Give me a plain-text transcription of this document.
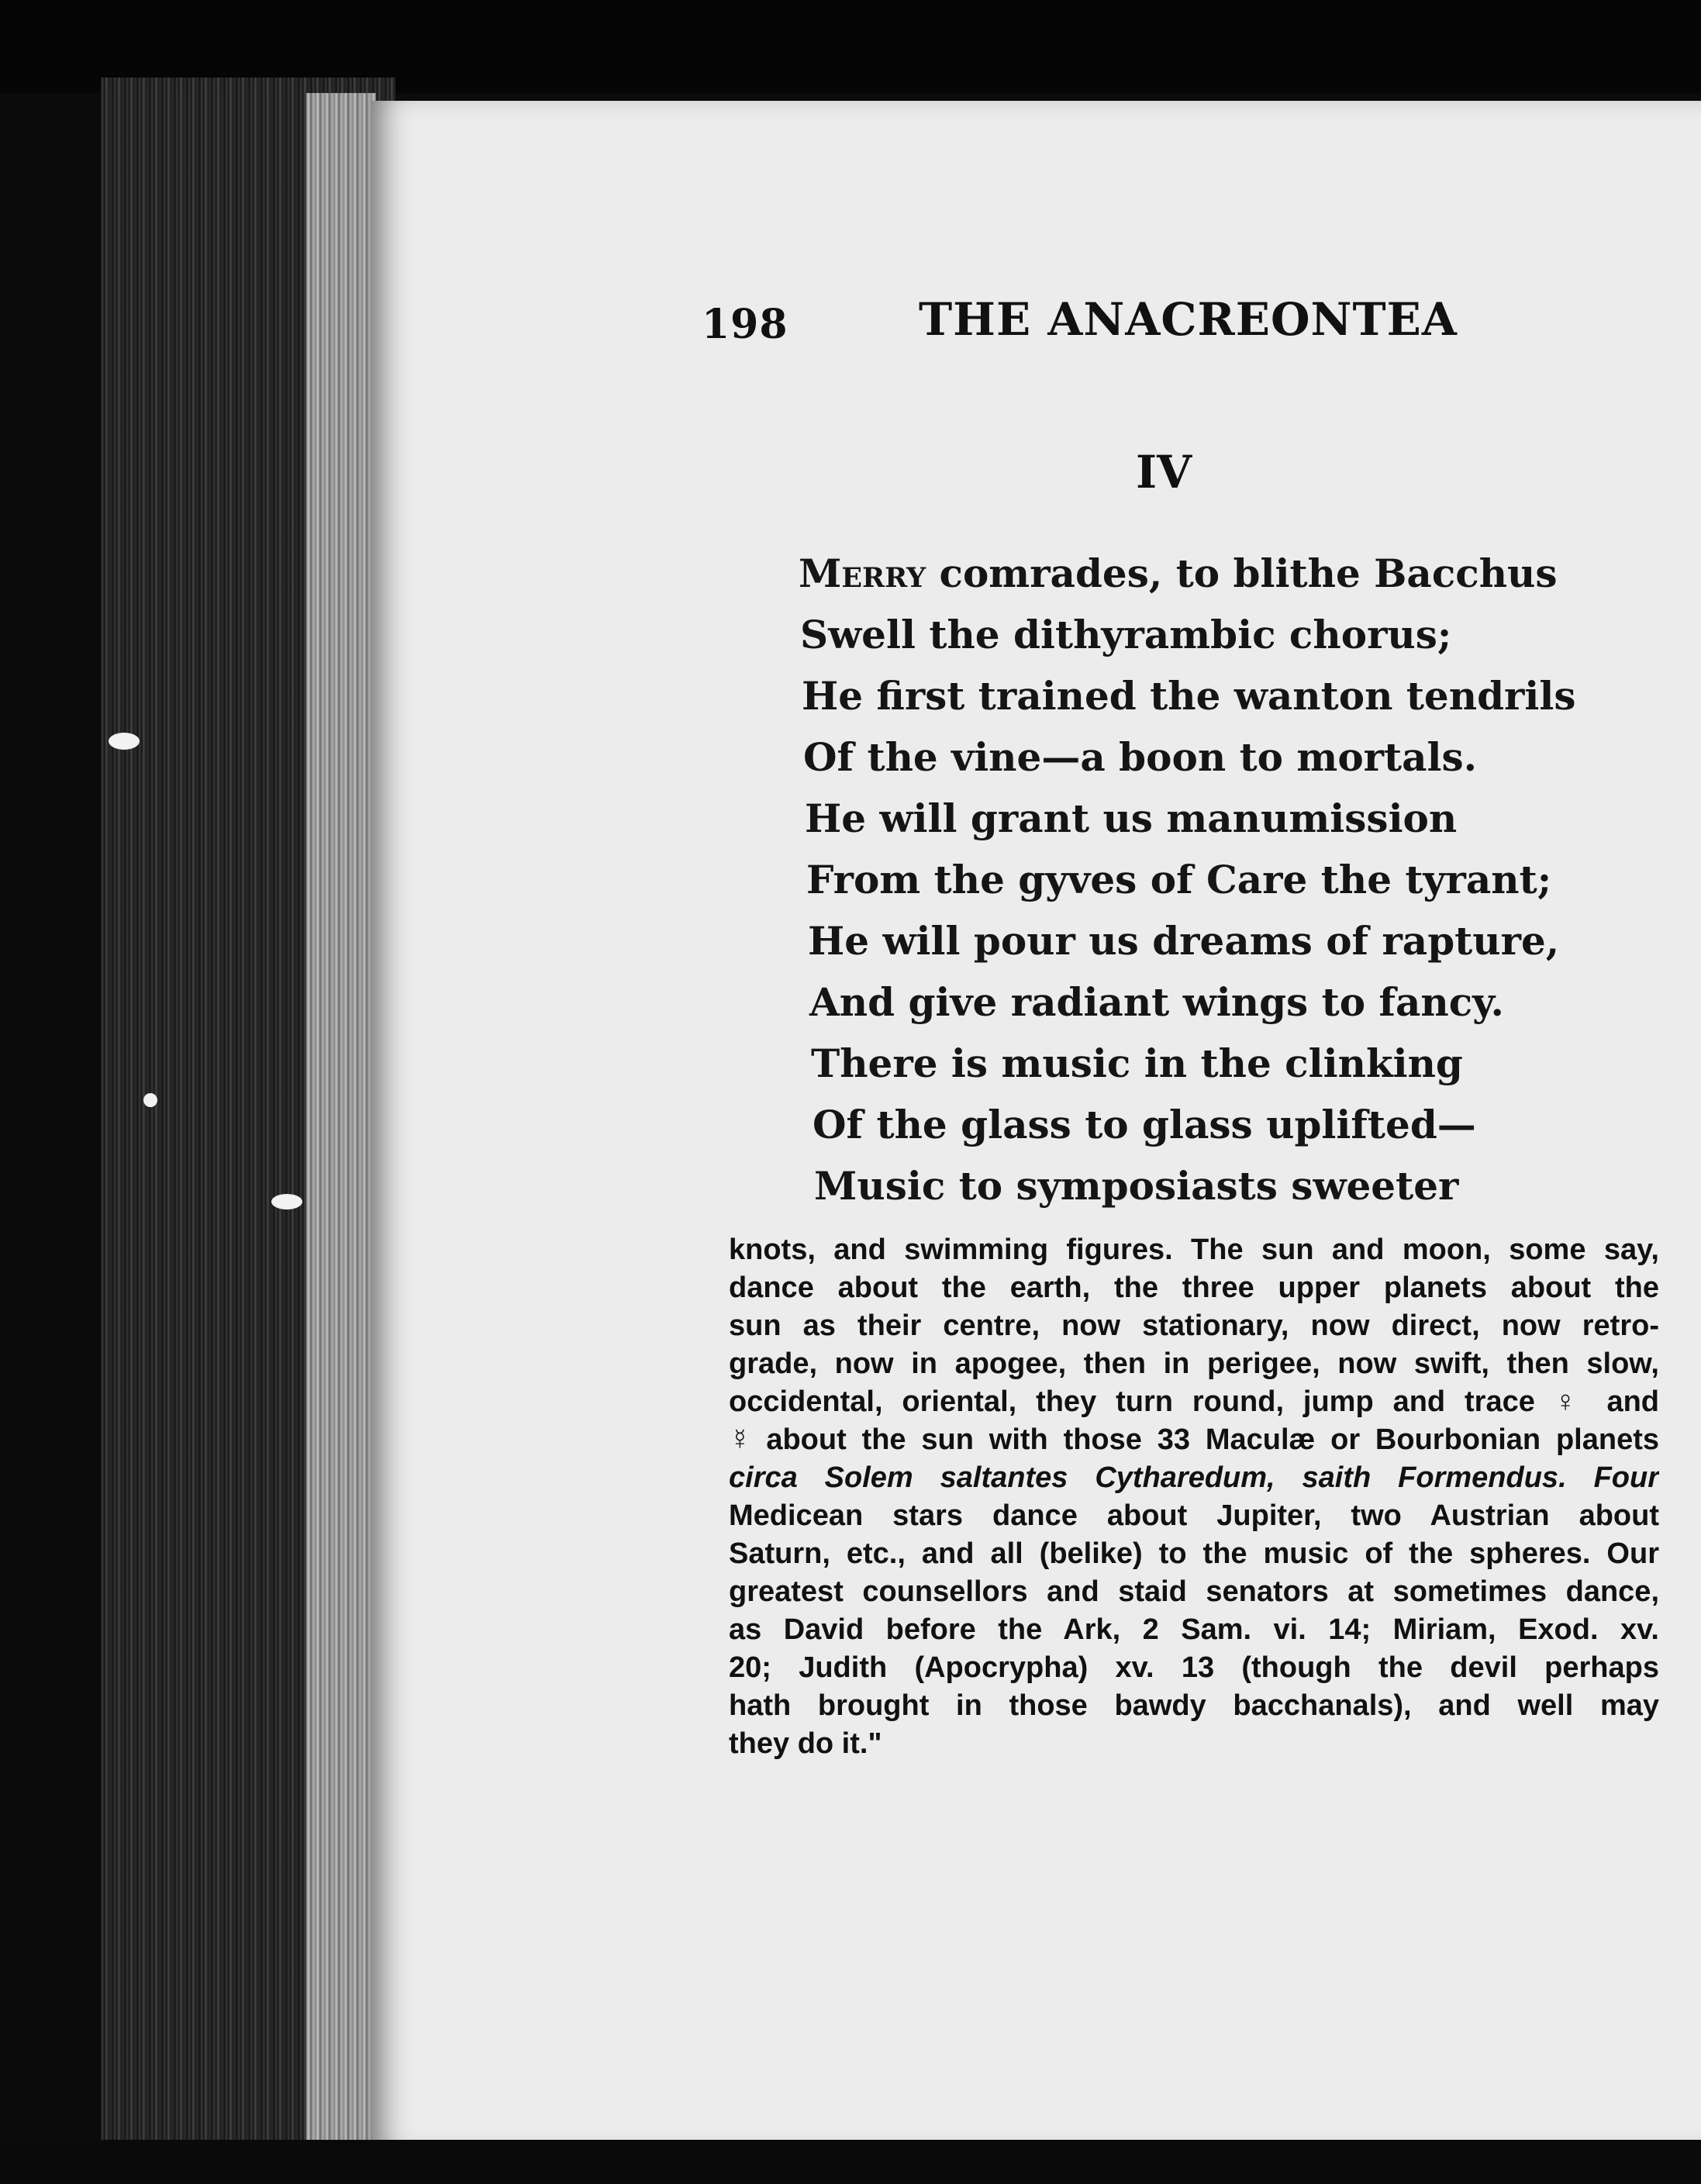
198	THE ANACREONTEA
IV
Merry comrades, to blithe Bacchus
Swell the dithyrambic chorus;
He first trained the wanton tendrils
Of the vine—a boon to mortals.
He will grant us manumission
From the gyves of Care the tyrant;
He will pour us dreams of rapture,
And give radiant wings to fancy.
There is music in the clinking
Of the glass to glass uplifted—
Music to symposiasts sweeter
knots, and swimming figures. The sun and moon, some say,
dance about the earth, the three upper planets about the
sun as their centre, now stationary, now direct, now retro-
grade, now in apogee, then in perigee, now swift, then slow,
occidental, oriental, they turn round, jump and trace ♀ and
☿ about the sun with those 33 Maculæ or Bourbonian planets
circa Solem saltantes Cytharedum, saith Formendus. Four
Medicean stars dance about Jupiter, two Austrian about
Saturn, etc., and all (belike) to the music of the spheres. Our
greatest counsellors and staid senators at sometimes dance,
as David before the Ark, 2 Sam. vi. 14; Miriam, Exod. xv.
20; Judith (Apocrypha) xv. 13 (though the devil perhaps
hath brought in those bawdy bacchanals), and well may
they do it."
